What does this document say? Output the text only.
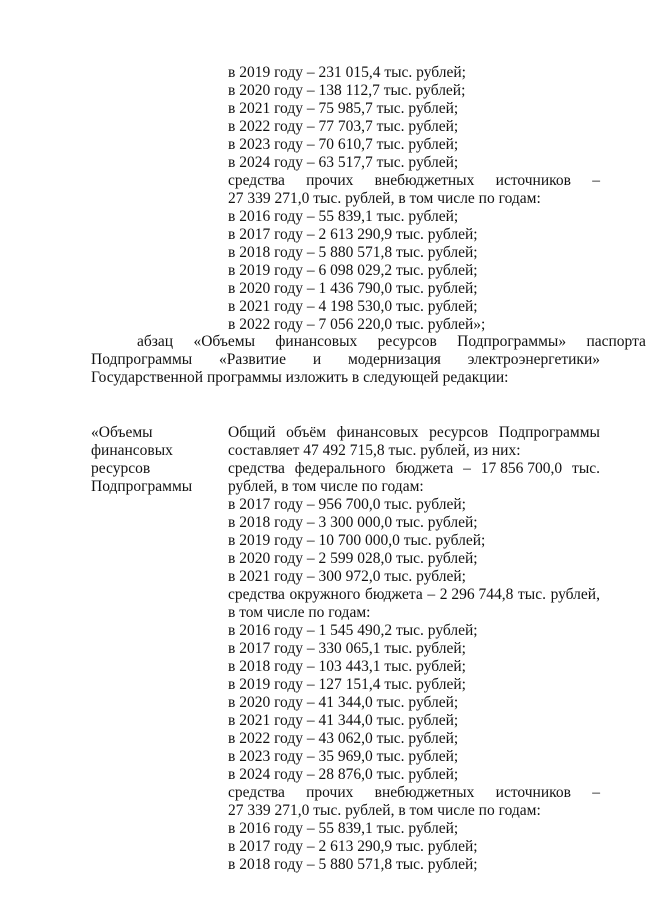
в 2019 году – 231 015,4 тыс. рублей;
в 2020 году – 138 112,7 тыс. рублей;
в 2021 году – 75 985,7 тыс. рублей;
в 2022 году – 77 703,7 тыс. рублей;
в 2023 году – 70 610,7 тыс. рублей;
в 2024 году – 63 517,7 тыс. рублей;
средства прочих внебюджетных источников –
27 339 271,0 тыс. рублей, в том числе по годам:
в 2016 году – 55 839,1 тыс. рублей;
в 2017 году – 2 613 290,9 тыс. рублей;
в 2018 году – 5 880 571,8 тыс. рублей;
в 2019 году – 6 098 029,2 тыс. рублей;
в 2020 году – 1 436 790,0 тыс. рублей;
в 2021 году – 4 198 530,0 тыс. рублей;
в 2022 году – 7 056 220,0 тыс. рублей»;
абзац «Объемы финансовых ресурсов Подпрограммы» паспорта
Подпрограммы «Развитие и модернизация электроэнергетики»
Государственной программы изложить в следующей редакции:
«Объемы
финансовых
ресурсов
Подпрограммы
Общий объём финансовых ресурсов Подпрограммы
составляет 47 492 715,8 тыс. рублей, из них:
средства федерального бюджета – 17 856 700,0 тыс.
рублей, в том числе по годам:
в 2017 году – 956 700,0 тыс. рублей;
в 2018 году – 3 300 000,0 тыс. рублей;
в 2019 году – 10 700 000,0 тыс. рублей;
в 2020 году – 2 599 028,0 тыс. рублей;
в 2021 году – 300 972,0 тыс. рублей;
средства окружного бюджета – 2 296 744,8 тыс. рублей,
в том числе по годам:
в 2016 году – 1 545 490,2 тыс. рублей;
в 2017 году – 330 065,1 тыс. рублей;
в 2018 году – 103 443,1 тыс. рублей;
в 2019 году – 127 151,4 тыс. рублей;
в 2020 году – 41 344,0 тыс. рублей;
в 2021 году – 41 344,0 тыс. рублей;
в 2022 году – 43 062,0 тыс. рублей;
в 2023 году – 35 969,0 тыс. рублей;
в 2024 году – 28 876,0 тыс. рублей;
средства прочих внебюджетных источников –
27 339 271,0 тыс. рублей, в том числе по годам:
в 2016 году – 55 839,1 тыс. рублей;
в 2017 году – 2 613 290,9 тыс. рублей;
в 2018 году – 5 880 571,8 тыс. рублей;
